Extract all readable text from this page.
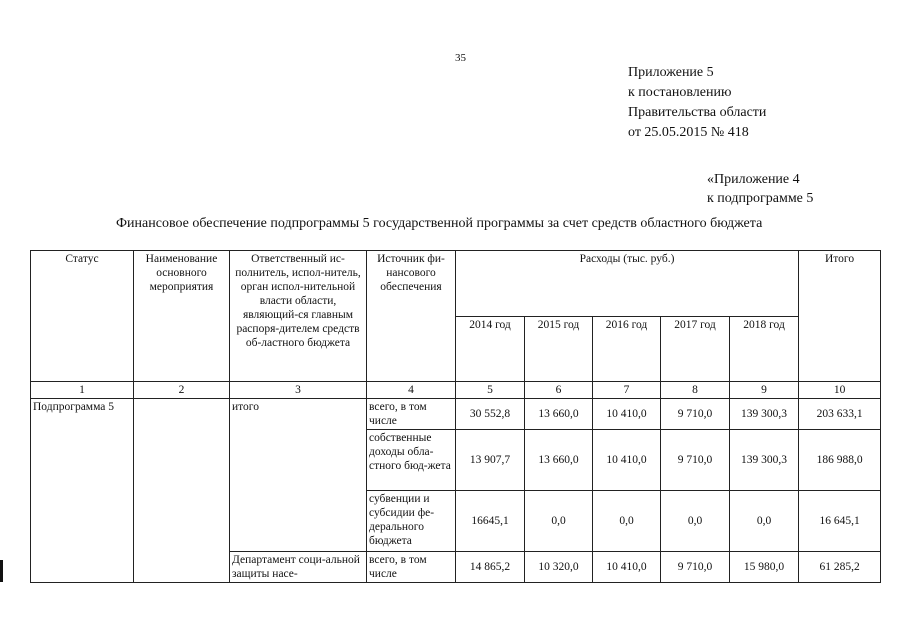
35
Приложение 5
к постановлению
Правительства области
от 25.05.2015 № 418
«Приложение 4
к подпрограмме 5
Финансовое обеспечение подпрограммы 5 государственной программы за счет средств областного бюджета
Статус	Наименование основного мероприятия	Ответственный ис-полнитель, испол-нитель, орган испол-нительной власти области, являющий-ся главным распоря-дителем средств об-ластного бюджета	Источник фи-нансового обеспечения	Расходы (тыс. руб.)					Итого
				2014 год	2015 год	2016 год	2017 год	2018 год	
1	2	3	4	5	6	7	8	9	10
Подпрограмма 5		итого	всего, в том числе	30 552,8	13 660,0	10 410,0	9 710,0	139 300,3	203 633,1
			собственные доходы обла-стного бюд-жета	13 907,7	13 660,0	10 410,0	9 710,0	139 300,3	186 988,0
			субвенции и субсидии фе-дерального бюджета	16645,1	0,0	0,0	0,0	0,0	16 645,1
		Департамент соци-альной защиты насе-	всего, в том числе	14 865,2	10 320,0	10 410,0	9 710,0	15 980,0	61 285,2
